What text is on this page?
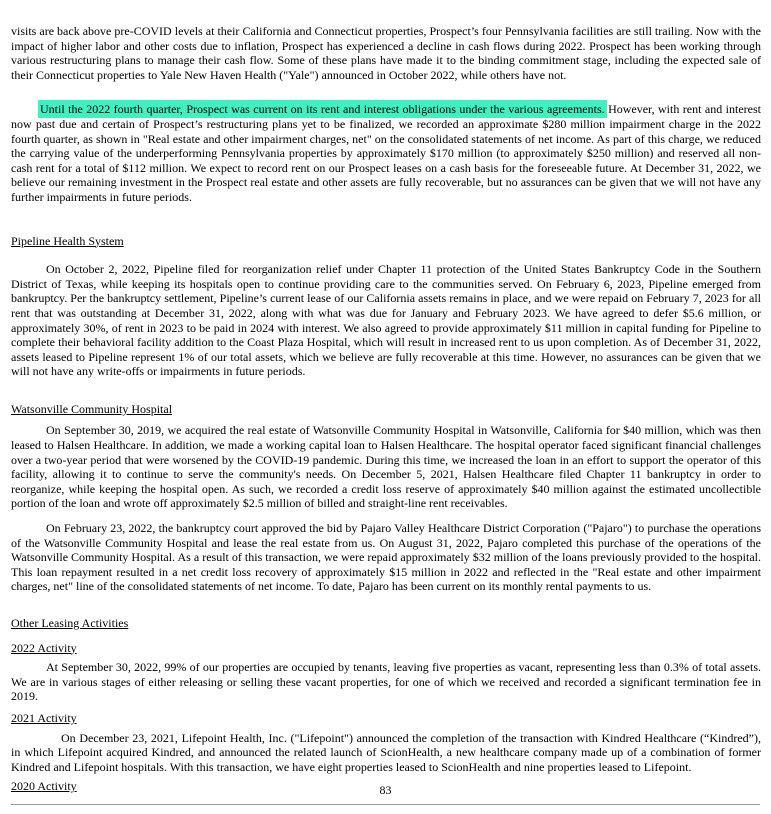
visits are back above pre-COVID levels at their California and Connecticut properties, Prospect’s four Pennsylvania facilities are still trailing. Now with the impact of higher labor and other costs due to inflation, Prospect has experienced a decline in cash flows during 2022. Prospect has been working through various restructuring plans to manage their cash flow. Some of these plans have made it to the binding commitment stage, including the expected sale of their Connecticut properties to Yale New Haven Health ("Yale") announced in October 2022, while others have not.

Until the 2022 fourth quarter, Prospect was current on its rent and interest obligations under the various agreements. However, with rent and interest now past due and certain of Prospect’s restructuring plans yet to be finalized, we recorded an approximate $280 million impairment charge in the 2022 fourth quarter, as shown in "Real estate and other impairment charges, net" on the consolidated statements of net income. As part of this charge, we reduced the carrying value of the underperforming Pennsylvania properties by approximately $170 million (to approximately $250 million) and reserved all non-cash rent for a total of $112 million. We expect to record rent on our Prospect leases on a cash basis for the foreseeable future. At December 31, 2022, we believe our remaining investment in the Prospect real estate and other assets are fully recoverable, but no assurances can be given that we will not have any further impairments in future periods.

Pipeline Health System

On October 2, 2022, Pipeline filed for reorganization relief under Chapter 11 protection of the United States Bankruptcy Code in the Southern District of Texas, while keeping its hospitals open to continue providing care to the communities served. On February 6, 2023, Pipeline emerged from bankruptcy. Per the bankruptcy settlement, Pipeline’s current lease of our California assets remains in place, and we were repaid on February 7, 2023 for all rent that was outstanding at December 31, 2022, along with what was due for January and February 2023. We have agreed to defer $5.6 million, or approximately 30%, of rent in 2023 to be paid in 2024 with interest. We also agreed to provide approximately $11 million in capital funding for Pipeline to complete their behavioral facility addition to the Coast Plaza Hospital, which will result in increased rent to us upon completion. As of December 31, 2022, assets leased to Pipeline represent 1% of our total assets, which we believe are fully recoverable at this time. However, no assurances can be given that we will not have any write-offs or impairments in future periods.

Watsonville Community Hospital

On September 30, 2019, we acquired the real estate of Watsonville Community Hospital in Watsonville, California for $40 million, which was then leased to Halsen Healthcare. In addition, we made a working capital loan to Halsen Healthcare. The hospital operator faced significant financial challenges over a two-year period that were worsened by the COVID-19 pandemic. During this time, we increased the loan in an effort to support the operator of this facility, allowing it to continue to serve the community's needs. On December 5, 2021, Halsen Healthcare filed Chapter 11 bankruptcy in order to reorganize, while keeping the hospital open. As such, we recorded a credit loss reserve of approximately $40 million against the estimated uncollectible portion of the loan and wrote off approximately $2.5 million of billed and straight-line rent receivables.

On February 23, 2022, the bankruptcy court approved the bid by Pajaro Valley Healthcare District Corporation ("Pajaro") to purchase the operations of the Watsonville Community Hospital and lease the real estate from us. On August 31, 2022, Pajaro completed this purchase of the operations of the Watsonville Community Hospital. As a result of this transaction, we were repaid approximately $32 million of the loans previously provided to the hospital. This loan repayment resulted in a net credit loss recovery of approximately $15 million in 2022 and reflected in the "Real estate and other impairment charges, net" line of the consolidated statements of net income. To date, Pajaro has been current on its monthly rental payments to us.

Other Leasing Activities

2022 Activity

At September 30, 2022, 99% of our properties are occupied by tenants, leaving five properties as vacant, representing less than 0.3% of total assets. We are in various stages of either releasing or selling these vacant properties, for one of which we received and recorded a significant termination fee in 2019.

2021 Activity

On December 23, 2021, Lifepoint Health, Inc. ("Lifepoint") announced the completion of the transaction with Kindred Healthcare (“Kindred”), in which Lifepoint acquired Kindred, and announced the related launch of ScionHealth, a new healthcare company made up of a combination of former Kindred and Lifepoint hospitals. With this transaction, we have eight properties leased to ScionHealth and nine properties leased to Lifepoint.

2020 Activity	83
